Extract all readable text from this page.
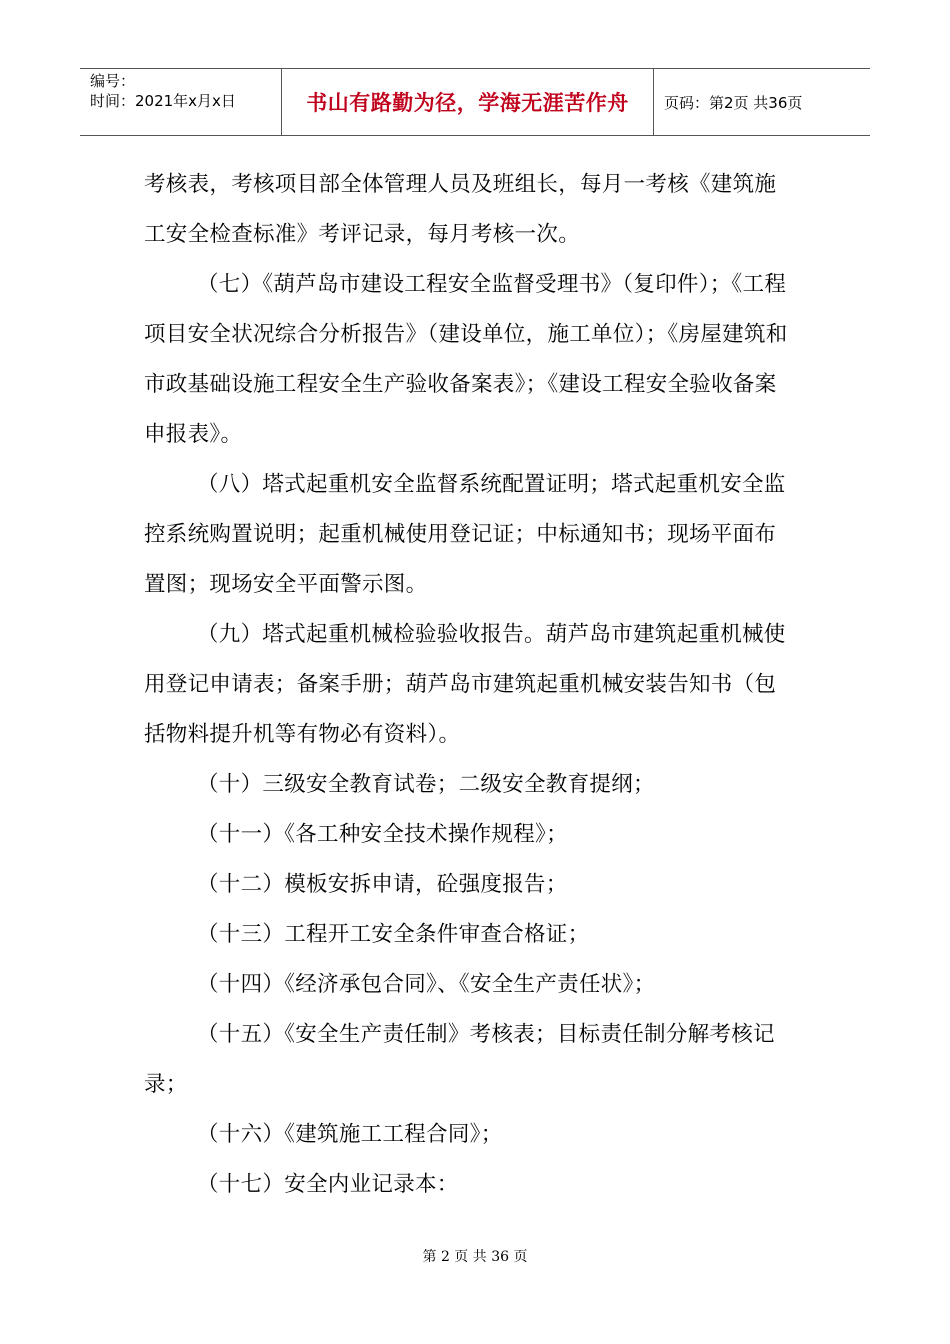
编号：
时间：2021年x月x日	书山有路勤为径，学海无涯苦作舟 页码：第2页 共36页

考核表，考核项目部全体管理人员及班组长，每月一考核《建筑施工安全检查标准》考评记录，每月考核一次。

（七）《葫芦岛市建设工程安全监督受理书》（复印件）；《工程项目安全状况综合分析报告》（建设单位，施工单位）；《房屋建筑和市政基础设施工程安全生产验收备案表》；《建设工程安全验收备案申报表》。

（八）塔式起重机安全监督系统配置证明；塔式起重机安全监控系统购置说明；起重机械使用登记证；中标通知书；现场平面布置图；现场安全平面警示图。

（九）塔式起重机械检验验收报告。葫芦岛市建筑起重机械使用登记申请表；备案手册；葫芦岛市建筑起重机械安装告知书（包括物料提升机等有物必有资料）。

（十）三级安全教育试卷；二级安全教育提纲；

（十一）《各工种安全技术操作规程》；

（十二）模板安拆申请，砼强度报告；

（十三）工程开工安全条件审查合格证；

（十四）《经济承包合同》、《安全生产责任状》；

（十五）《安全生产责任制》考核表；目标责任制分解考核记录；

（十六）《建筑施工工程合同》；

（十七）安全内业记录本：

第 2 页 共 36 页
